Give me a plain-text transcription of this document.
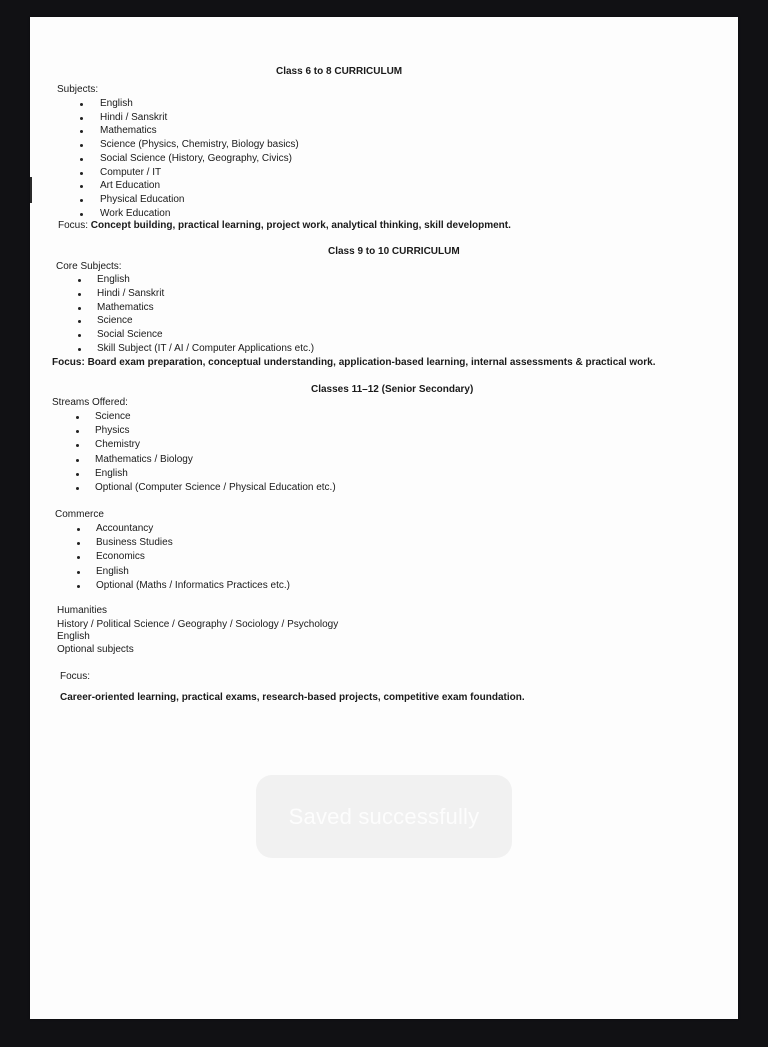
Class 6 to 8 CURRICULUM
Subjects:
English
Hindi / Sanskrit
Mathematics
Science (Physics, Chemistry, Biology basics)
Social Science (History, Geography, Civics)
Computer / IT
Art Education
Physical Education
Work Education
Focus: Concept building, practical learning, project work, analytical thinking, skill development.
Class 9 to 10 CURRICULUM
Core Subjects:
English
Hindi / Sanskrit
Mathematics
Science
Social Science
Skill Subject (IT / AI / Computer Applications etc.)
Focus: Board exam preparation, conceptual understanding, application-based learning, internal assessments & practical work.
Classes 11–12 (Senior Secondary)
Streams Offered:
Science
Physics
Chemistry
Mathematics / Biology
English
Optional (Computer Science / Physical Education etc.)
Commerce
Accountancy
Business Studies
Economics
English
Optional (Maths / Informatics Practices etc.)
Humanities
History / Political Science / Geography / Sociology / Psychology
English
Optional subjects
Focus:
Career-oriented learning, practical exams, research-based projects, competitive exam foundation.
Saved successfully
